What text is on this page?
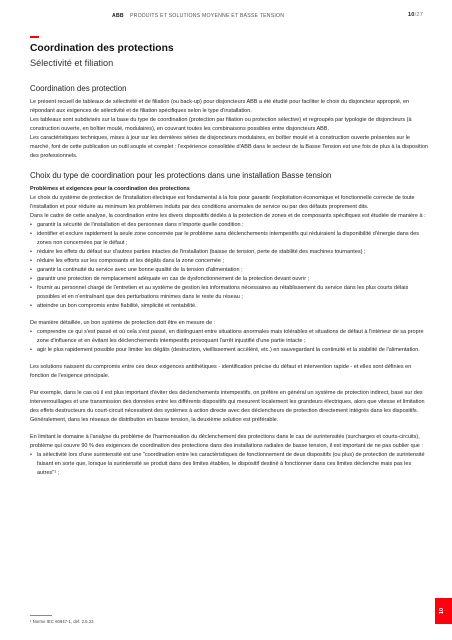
ABB PRODUITS ET SOLUTIONS MOYENNE ET BASSE TENSION	10/27
Coordination des protections
Sélectivité et filiation
Coordination des protection

Le présent recueil de tableaux de sélectivité et de filiation (ou back-up) pour disjoncteurs ABB a été étudié pour faciliter le choix du disjoncteur approprié, en répondant aux exigences de sélectivité et de filiation spécifiques selon le type d'installation.

Les tableaux sont subdivisés sur la base du type de coordination (protection par filiation ou protection sélective) et regroupés par typologie de disjoncteurs (à construction ouverte, en boîtier moulé, modulaires), en couvrant toutes les combinaisons possibles entre disjoncteurs ABB.

Les caractéristiques techniques, mises à jour sur les dernières séries de disjoncteurs modulaires, en boîtier moulé et à construction ouverte présentes sur le marché, font de cette publication un outil souple et complet : l'expérience consolidée d'ABB dans le secteur de la Basse Tension est une fois de plus à la disposition des professionnels.

Choix du type de coordination pour les protections dans une installation Basse tension

Problèmes et exigences pour la coordination des protections

Le choix du système de protection de l'installation électrique est fondamental à la fois pour garantir l'exploitation économique et fonctionnelle correcte de toute l'installation et pour réduire au minimum les problèmes induits par des conditions anormales de service ou par des défauts proprement dits.

Dans le cadre de cette analyse, la coordination entre les divers dispositifs dédiés à la protection de zones et de composants spécifiques est étudiée de manière à :

• garantir la sécurité de l'installation et des personnes dans n'importe quelle condition ;
• identifier et exclure rapidement la seule zone concernée par le problème sans déclenchements intempestifs qui réduiraient la disponibilité d'énergie dans des zones non concernées par le défaut ;
• réduire les effets du défaut sur d'autres parties intactes de l'installation (baisse de tension, perte de stabilité des machines tournantes) ;
• réduire les efforts sur les composants et les dégâts dans la zone concernée ;
• garantir la continuité du service avec une bonne qualité de la tension d'alimentation ;
• garantir une protection de remplacement adéquate en cas de dysfonctionnement de la protection devant ouvrir ;
• fournir au personnel chargé de l'entretien et au système de gestion les informations nécessaires au rétablissement du service dans les plus courts délais possibles et en n'entraînant que des perturbations minimes dans le reste du réseau ;
• atteindre un bon compromis entre fiabilité, simplicité et rentabilité.

De manière détaillée, un bon système de protection doit être en mesure de :

• comprendre ce qui s'est passé et où cela s'est passé, en distinguant entre situations anormales mais tolérables et situations de défaut à l'intérieur de sa propre zone d'influence et en évitant les déclenchements intempestifs provoquant l'arrêt injustifié d'une partie intacte ;
• agir le plus rapidement possible pour limiter les dégâts (destruction, vieillissement accéléré, etc.) en sauvegardant la continuité et la stabilité de l'alimentation.

Les solutions naissent du compromis entre ces deux exigences antithétiques - identification précise du défaut et intervention rapide - et elles sont définies en fonction de l'exigence principale.

Par exemple, dans le cas où il est plus important d'éviter des déclenchements intempestifs, on préfère en général un système de protection indirect, basé sur des interverrouillages et une transmission des données entre les différents dispositifs qui mesurent localement les grandeurs électriques, alors que vitesse et limitation des effets destructeurs du court-circuit nécessitent des systèmes à action directe avec des déclencheurs de protection directement intégrés dans les dispositifs. Généralement, dans les réseaux de distribution en basse tension, la deuxième solution est préférable.

En limitant le domaine à l'analyse du problème de l'harmonisation du déclenchement des protections dans le cas de surintensités (surcharges et courts-circuits), problème qui couvre 90 % des exigences de coordination des protections dans des installations radiales de basse tension, il est important de ne pas oublier que :

• la sélectivité lors d'une surintensité est une "coordination entre les caractéristiques de fonctionnement de deux dispositifs (ou plus) de protection de surintensité faisant en sorte que, lorsque la surintensité se produit dans des limites établies, le dispositif destiné à fonctionner dans ces limites déclenche mais pas les autres"¹ ;
¹ Norme IEC 60947-1, def. 2.5.23
10
